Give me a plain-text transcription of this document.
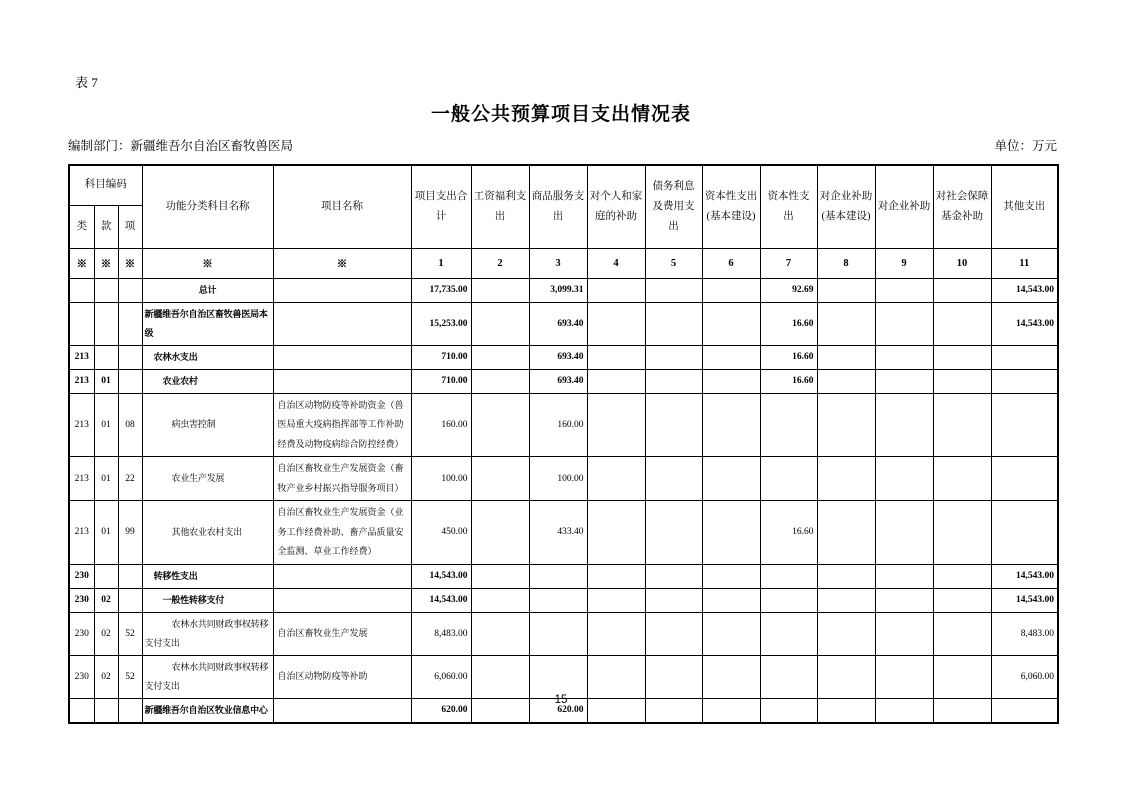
表 7
一般公共预算项目支出情况表
编制部门：新疆维吾尔自治区畜牧兽医局	单位：万元
科目编码			功能分类科目名称	项目名称	项目支出合计	工资福利支出	商品服务支出	对个人和家庭的补助	债务利息及费用支出	资本性支出(基本建设)	资本性支出	对企业补助(基本建设)	对企业补助	对社会保障基金补助	其他支出
类	款	项													
※	※	※	※	※	1	2	3	4	5	6	7	8	9	10	11
			总计		17,735.00		3,099.31				92.69				14,543.00
			新疆维吾尔自治区畜牧兽医局本级		15,253.00		693.40				16.60				14,543.00
213			农林水支出		710.00		693.40				16.60				
213	01		农业农村		710.00		693.40				16.60				
213	01	08	病虫害控制	自治区动物防疫等补助资金（兽医局重大疫病指挥部等工作补助经费及动物疫病综合防控经费）	160.00		160.00								
213	01	22	农业生产发展	自治区畜牧业生产发展资金（畜牧产业乡村振兴指导服务项目）	100.00		100.00								
213	01	99	其他农业农村支出	自治区畜牧业生产发展资金（业务工作经费补助、畜产品质量安全监测、草业工作经费）	450.00		433.40				16.60				
230			转移性支出		14,543.00										14,543.00
230	02		一般性转移支付		14,543.00										14,543.00
230	02	52	农林水共同财政事权转移支付支出	自治区畜牧业生产发展	8,483.00										8,483.00
230	02	52	农林水共同财政事权转移支付支出	自治区动物防疫等补助	6,060.00										6,060.00
			新疆维吾尔自治区牧业信息中心		620.00		620.00								
15
